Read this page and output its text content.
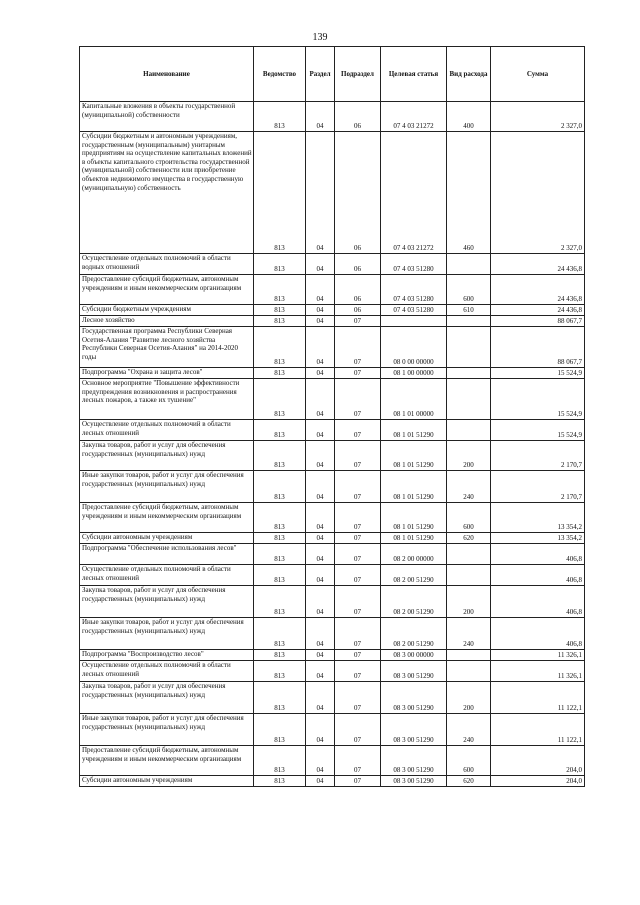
139
Наименование	Ведомство	Раздел	Подраздел	Целевая статья	Вид расхода	Сумма
Капитальные вложения в объекты государственной (муниципальной) собственности	813	04	06	07 4 03 21272	400	2 327,0
Субсидии бюджетным и автономным учреждениям, государственным (муниципальным) унитарным предприятиям на осуществление капитальных вложений в объекты капитального строительства государственной (муниципальной) собственности или приобретение объектов недвижимого имущества в государственную (муниципальную) собственность	813	04	06	07 4 03 21272	460	2 327,0
Осуществление отдельных полномочий в области водных отношений	813	04	06	07 4 03 51280		24 436,8
Предоставление субсидий бюджетным, автономным учреждениям и иным некоммерческим организациям	813	04	06	07 4 03 51280	600	24 436,8
Субсидии бюджетным учреждениям	813	04	06	07 4 03 51280	610	24 436,8
Лесное хозяйство	813	04	07			88 067,7
Государственная программа Республики Северная Осетия-Алания "Развитие лесного хозяйства Республики Северная Осетия-Алания" на 2014-2020 годы	813	04	07	08 0 00 00000		88 067,7
Подпрограмма "Охрана и защита лесов"	813	04	07	08 1 00 00000		15 524,9
Основное мероприятие "Повышение эффективности предупреждения возникновения и распространения лесных пожаров, а также их тушение"	813	04	07	08 1 01 00000		15 524,9
Осуществление отдельных полномочий в области лесных отношений	813	04	07	08 1 01 51290		15 524,9
Закупка товаров, работ и услуг для обеспечения государственных (муниципальных) нужд	813	04	07	08 1 01 51290	200	2 170,7
Иные закупки товаров, работ и услуг для обеспечения государственных (муниципальных) нужд	813	04	07	08 1 01 51290	240	2 170,7
Предоставление субсидий бюджетным, автономным учреждениям и иным некоммерческим организациям	813	04	07	08 1 01 51290	600	13 354,2
Субсидии автономным учреждениям	813	04	07	08 1 01 51290	620	13 354,2
Подпрограмма "Обеспечение использования лесов"	813	04	07	08 2 00 00000		406,8
Осуществление отдельных полномочий в области лесных отношений	813	04	07	08 2 00 51290		406,8
Закупка товаров, работ и услуг для обеспечения государственных (муниципальных) нужд	813	04	07	08 2 00 51290	200	406,8
Иные закупки товаров, работ и услуг для обеспечения государственных (муниципальных) нужд	813	04	07	08 2 00 51290	240	406,8
Подпрограмма "Воспроизводство лесов"	813	04	07	08 3 00 00000		11 326,1
Осуществление отдельных полномочий в области лесных отношений	813	04	07	08 3 00 51290		11 326,1
Закупка товаров, работ и услуг для обеспечения государственных (муниципальных) нужд	813	04	07	08 3 00 51290	200	11 122,1
Иные закупки товаров, работ и услуг для обеспечения государственных (муниципальных) нужд	813	04	07	08 3 00 51290	240	11 122,1
Предоставление субсидий бюджетным, автономным учреждениям и иным некоммерческим организациям	813	04	07	08 3 00 51290	600	204,0
Субсидии автономным учреждениям	813	04	07	08 3 00 51290	620	204,0
